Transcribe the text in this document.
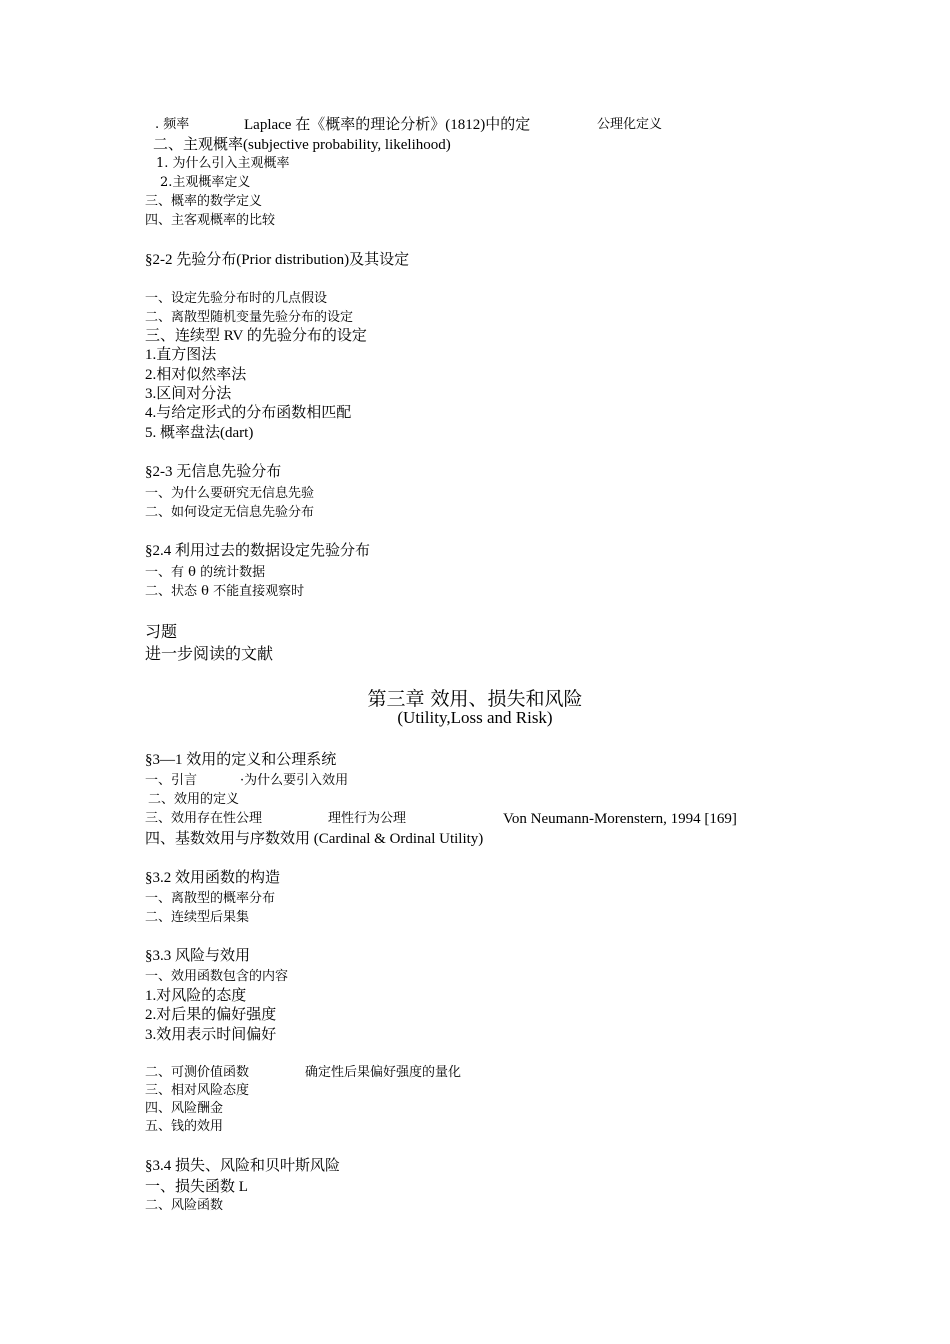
. 频率	Laplace 在《概率的理论分析》(1812)中的定	公理化定义
二、主观概率(subjective probability, likelihood)
1. 为什么引入主观概率
2.主观概率定义
三、概率的数学定义
四、主客观概率的比较
§2-2 先验分布(Prior distribution)及其设定
一、设定先验分布时的几点假设
二、离散型随机变量先验分布的设定
三、连续型 RV 的先验分布的设定
1.直方图法
2.相对似然率法
3.区间对分法
4.与给定形式的分布函数相匹配
5. 概率盘法(dart)
§2-3 无信息先验分布
一、为什么要研究无信息先验
二、如何设定无信息先验分布
§2.4 利用过去的数据设定先验分布
一、有 θ 的统计数据
二、状态 θ 不能直接观察时
习题
进一步阅读的文献
第三章 效用、损失和风险
(Utility,Loss and Risk)
§3—1 效用的定义和公理系统
一、引言	·为什么要引入效用
二、效用的定义
三、效用存在性公理	理性行为公理	Von Neumann-Morenstern, 1994 [169]
四、基数效用与序数效用 (Cardinal & Ordinal Utility)
§3.2 效用函数的构造
一、离散型的概率分布
二、连续型后果集
§3.3 风险与效用
一、效用函数包含的内容
1.对风险的态度
2.对后果的偏好强度
3.效用表示时间偏好
二、可测价值函数	确定性后果偏好强度的量化
三、相对风险态度
四、风险酬金
五、钱的效用
§3.4 损失、风险和贝叶斯风险
一、损失函数 L
二、风险函数
